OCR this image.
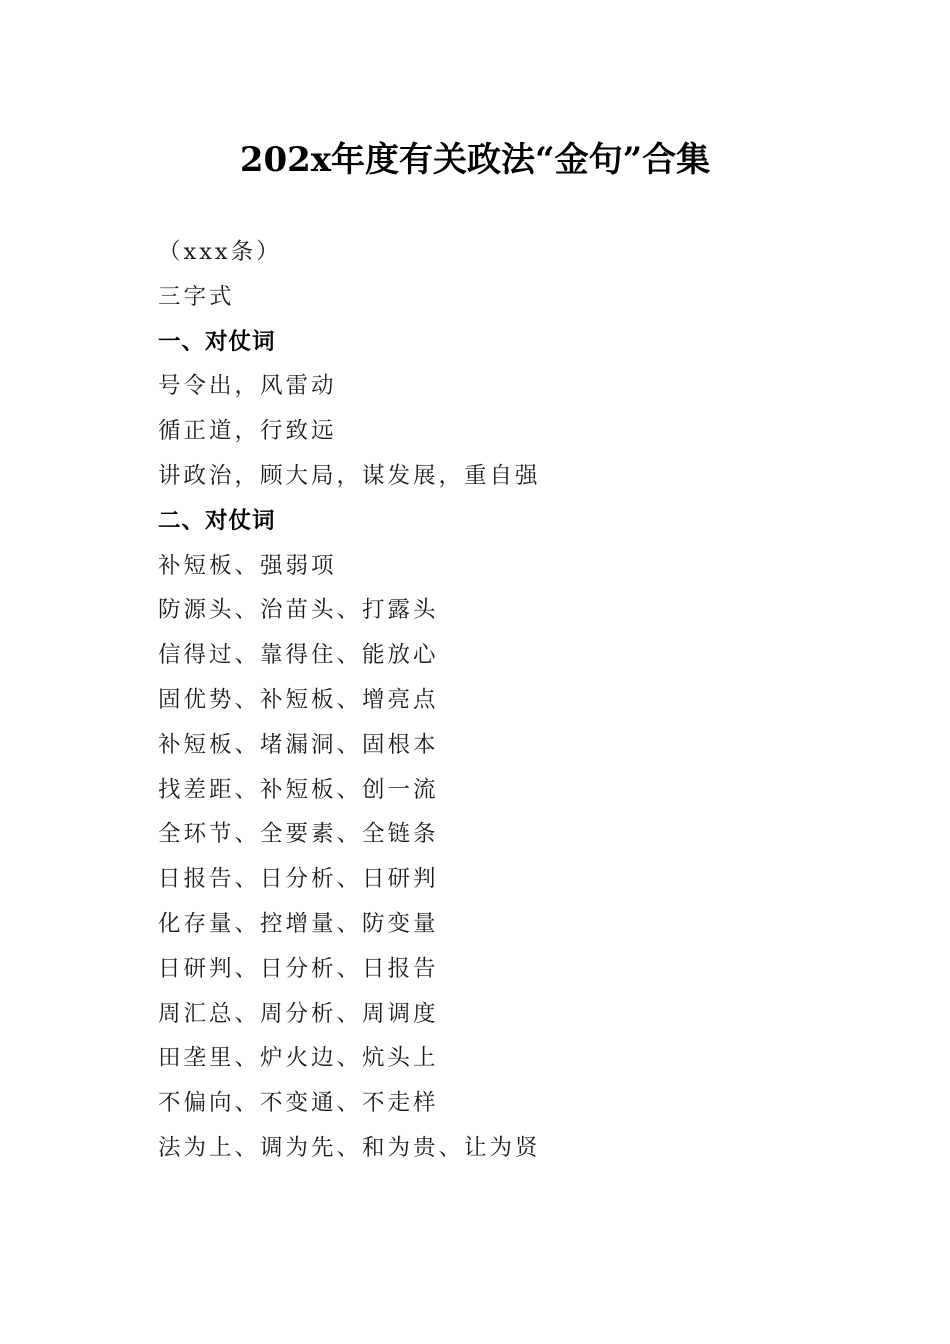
202x年度有关政法“金句”合集
（xxx条）
三字式
一、对仗词
号令出，风雷动
循正道，行致远
讲政治，顾大局，谋发展，重自强
二、对仗词
补短板、强弱项
防源头、治苗头、打露头
信得过、靠得住、能放心
固优势、补短板、增亮点
补短板、堵漏洞、固根本
找差距、补短板、创一流
全环节、全要素、全链条
日报告、日分析、日研判
化存量、控增量、防变量
日研判、日分析、日报告
周汇总、周分析、周调度
田垄里、炉火边、炕头上
不偏向、不变通、不走样
法为上、调为先、和为贵、让为贤
